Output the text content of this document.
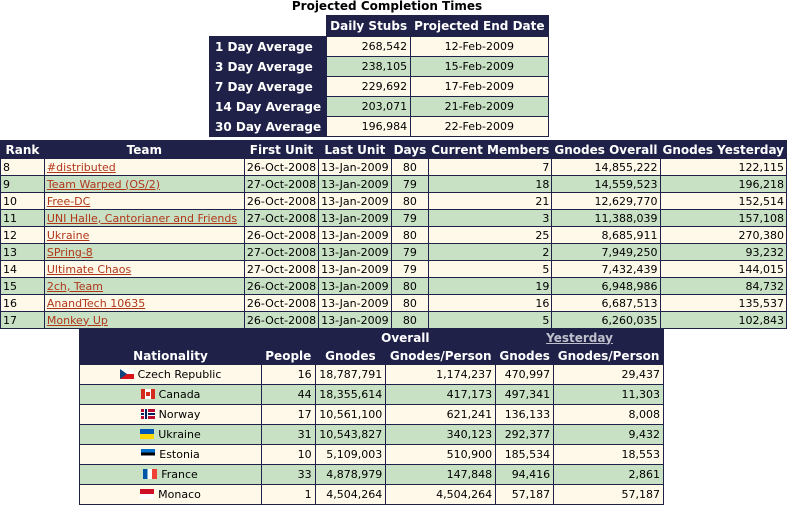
Projected Completion Times
	Daily Stubs	Projected End Date
1 Day Average	268,542	12-Feb-2009
3 Day Average	238,105	15-Feb-2009
7 Day Average	229,692	17-Feb-2009
14 Day Average	203,071	21-Feb-2009
30 Day Average	196,984	22-Feb-2009
Rank	Team	First Unit	Last Unit	Days	Current Members	Gnodes Overall	Gnodes Yesterday
8	#distributed	26-Oct-2008	13-Jan-2009	80	7	14,855,222	122,115
9	Team Warped (OS/2)	27-Oct-2008	13-Jan-2009	79	18	14,559,523	196,218
10	Free-DC	26-Oct-2008	13-Jan-2009	80	21	12,629,770	152,514
11	UNI Halle, Cantorianer and Friends	27-Oct-2008	13-Jan-2009	79	3	11,388,039	157,108
12	Ukraine	26-Oct-2008	13-Jan-2009	80	25	8,685,911	270,380
13	SPring-8	27-Oct-2008	13-Jan-2009	79	2	7,949,250	93,232
14	Ultimate Chaos	27-Oct-2008	13-Jan-2009	79	5	7,432,439	144,015
15	2ch, Team	26-Oct-2008	13-Jan-2009	80	19	6,948,986	84,732
16	AnandTech 10635	26-Oct-2008	13-Jan-2009	80	16	6,687,513	135,537
17	Monkey Up	26-Oct-2008	13-Jan-2009	80	5	6,260,035	102,843
		Overall		Yesterday	
Nationality	People	Gnodes	Gnodes/Person	Gnodes	Gnodes/Person
Czech Republic	16	18,787,791	1,174,237	470,997	29,437
Canada	44	18,355,614	417,173	497,341	11,303
Norway	17	10,561,100	621,241	136,133	8,008
Ukraine	31	10,543,827	340,123	292,377	9,432
Estonia	10	5,109,003	510,900	185,534	18,553
France	33	4,878,979	147,848	94,416	2,861
Monaco	1	4,504,264	4,504,264	57,187	57,187
